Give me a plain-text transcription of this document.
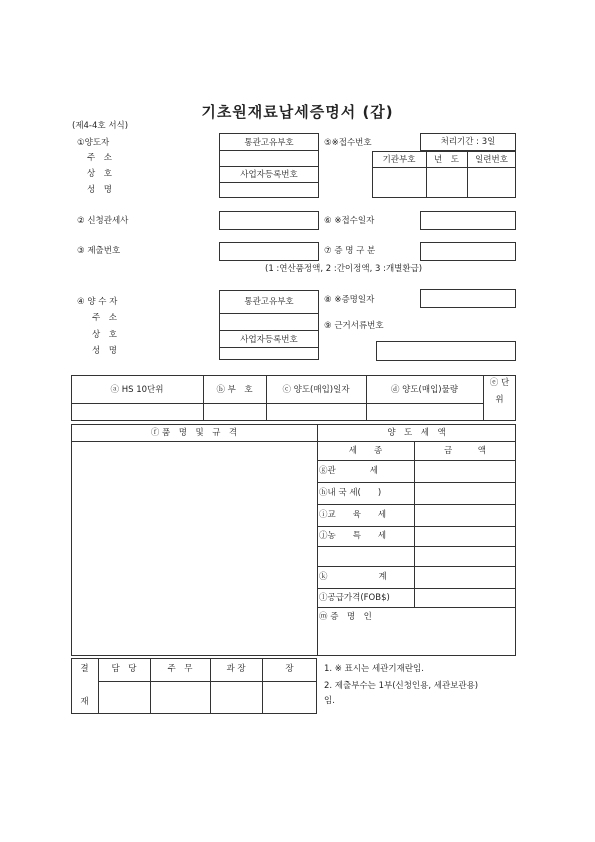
기초원재료납세증명서 (갑)
(제4-4호 서식)
①양도자
주　소
상　호
성　명
통관고유부호
사업자등록번호
⑤※접수번호	처리기간 : 3일
기관부호	년　도	일련번호
② 신청관세사	⑥ ※접수일자
③ 제출번호	⑦ 증 명 구 분
(1 :연산품정액, 2 :간이정액, 3 :개별환급)
④ 양 수 자
주　소
상　호
성　명
통관고유부호
사업자등록번호
⑧ ※증명일자
⑨ 근거서류번호
ⓐ HS 10단위	ⓑ 부　호	ⓒ 양도(매입)일자	ⓓ 양도(매입)물량
ⓔ 단
위
ⓕ 품　명　및　규　격	양　도　세　액
세　　종	금　　　액
ⓖ관　　　　세
ⓗ내 국 세(　　)
ⓘ교　　육　　세
ⓙ농　　특　　세
ⓚ　　　　　　계
ⓛ공급가격(FOB$)
ⓜ 증　명　인
결
재
담　당	주　무	과 장	장	1. ※ 표시는 세관기재란임.
2. 제출부수는 1부(신청인용, 세관보관용)
임.
